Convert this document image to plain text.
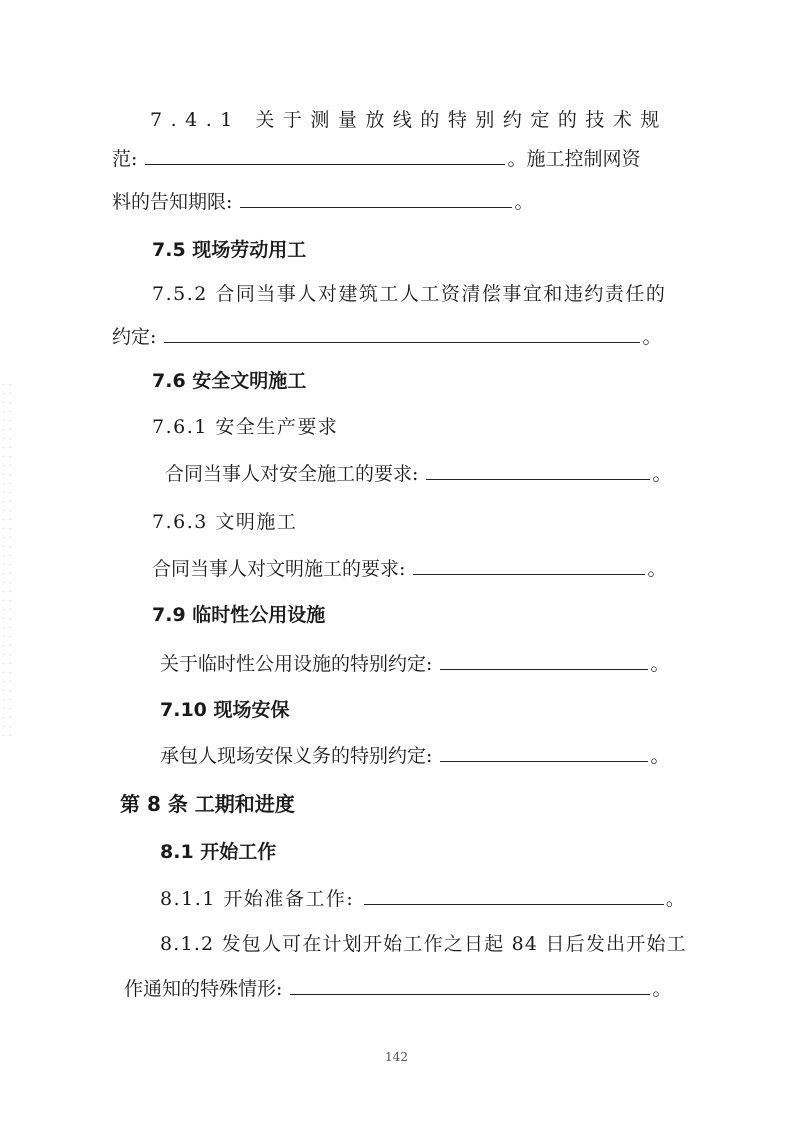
7.4.1 关于测量放线的特别约定的技术规
范:	。施工控制网资
料的告知期限:	。
7.5 现场劳动用工
7.5.2 合同当事人对建筑工人工资清偿事宜和违约责任的
约定:	。
7.6 安全文明施工
7.6.1 安全生产要求
合同当事人对安全施工的要求:	。
7.6.3 文明施工
合同当事人对文明施工的要求:	。
7.9 临时性公用设施
关于临时性公用设施的特别约定:	。
7.10 现场安保
承包人现场安保义务的特别约定:	。
第 8 条 工期和进度
8.1 开始工作
8.1.1 开始准备工作:	。
8.1.2 发包人可在计划开始工作之日起 84 日后发出开始工
作通知的特殊情形:	。
142
